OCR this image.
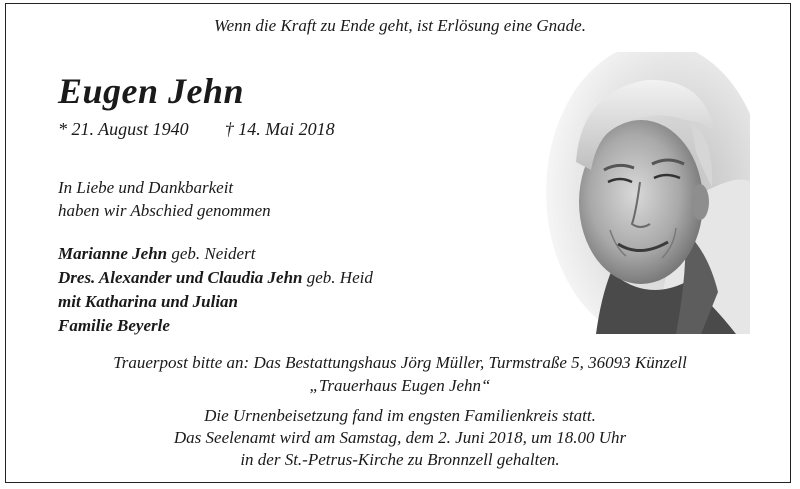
Wenn die Kraft zu Ende geht, ist Erlösung eine Gnade.
Eugen Jehn
* 21. August 1940 † 14. Mai 2018
In Liebe und Dankbarkeit
haben wir Abschied genommen
Marianne Jehn geb. Neidert
Dres. Alexander und Claudia Jehn geb. Heid
mit Katharina und Julian
Familie Beyerle
Trauerpost bitte an: Das Bestattungshaus Jörg Müller, Turmstraße 5, 36093 Künzell
„Trauerhaus Eugen Jehn“
Die Urnenbeisetzung fand im engsten Familienkreis statt.
Das Seelenamt wird am Samstag, dem 2. Juni 2018, um 18.00 Uhr
in der St.-Petrus-Kirche zu Bronnzell gehalten.
